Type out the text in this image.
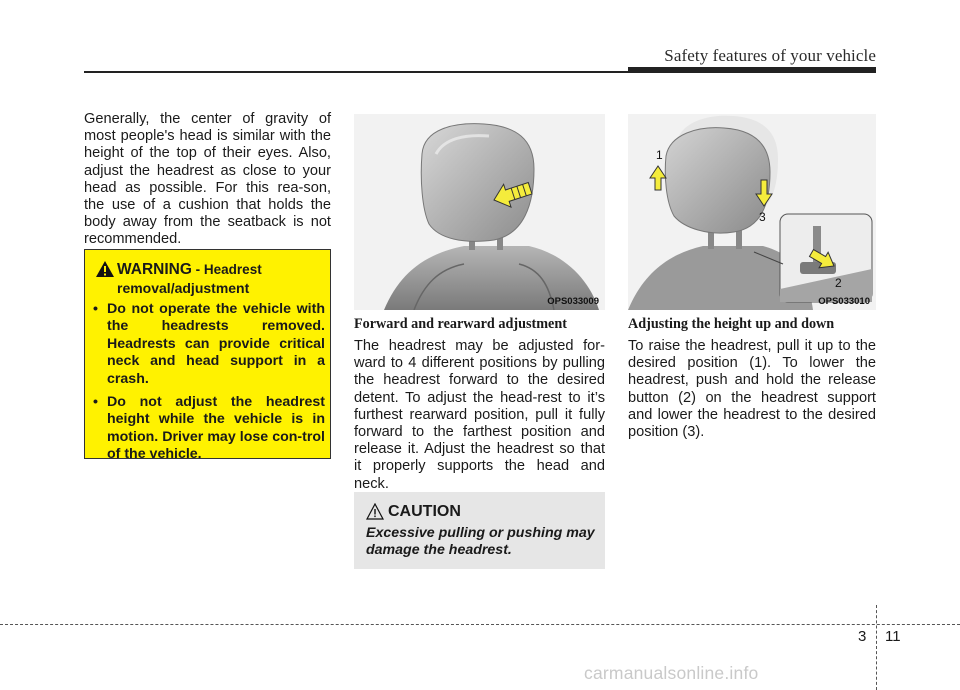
Safety features of your vehicle
Generally, the center of gravity of most people's head is similar with the height of the top of their eyes. Also, adjust the headrest as close to your head as possible. For this rea-son, the use of a cushion that holds the body away from the seatback is not recommended.
WARNING - Headrest
removal/adjustment
• Do not operate the vehicle with the headrests removed. Headrests can provide critical neck and head support in a crash.
• Do not adjust the headrest height while the vehicle is in motion. Driver may lose con-trol of the vehicle.
OPS033009
1
2
3
OPS033010
Forward and rearward adjustment
The headrest may be adjusted for-ward to 4 different positions by pulling the headrest forward to the desired detent. To adjust the head-rest to it’s furthest rearward position, pull it fully forward to the farthest position and release it. Adjust the headrest so that it properly supports the head and neck.
CAUTION
Excessive pulling or pushing may damage the headrest.
Adjusting the height up and down
To raise the headrest, pull it up to the desired position (1). To lower the headrest, push and hold the release button (2) on the headrest support and lower the headrest to the desired position (3).
3 11
carmanualsonline.info
